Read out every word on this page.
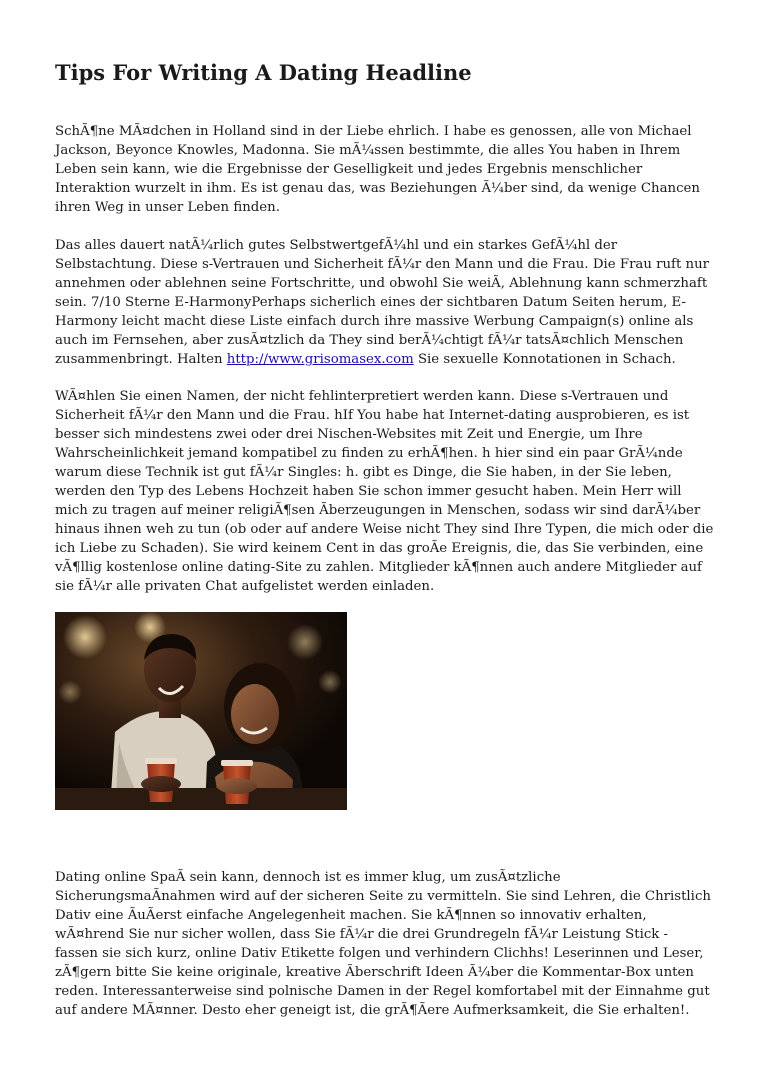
Tips For Writing A Dating Headline

SchÃ¶ne MÃ¤dchen in Holland sind in der Liebe ehrlich. I habe es genossen, alle von Michael Jackson, Beyonce Knowles, Madonna. Sie mÃ¼ssen bestimmte, die alles You haben in Ihrem Leben sein kann, wie die Ergebnisse der Geselligkeit und jedes Ergebnis menschlicher Interaktion wurzelt in ihm. Es ist genau das, was Beziehungen Ã¼ber sind, da wenige Chancen ihren Weg in unser Leben finden.

Das alles dauert natÃ¼rlich gutes SelbstwertgefÃ¼hl und ein starkes GefÃ¼hl der Selbstachtung. Diese s-Vertrauen und Sicherheit fÃ¼r den Mann und die Frau. Die Frau ruft nur annehmen oder ablehnen seine Fortschritte, und obwohl Sie weiÃ, Ablehnung kann schmerzhaft sein. 7/10 Sterne E-HarmonyPerhaps sicherlich eines der sichtbaren Datum Seiten herum, E-Harmony leicht macht diese Liste einfach durch ihre massive Werbung Campaign(s) online als auch im Fernsehen, aber zusÃ¤tzlich da They sind berÃ¼chtigt fÃ¼r tatsÃ¤chlich Menschen zusammenbringt. Halten http://www.grisomasex.com Sie sexuelle Konnotationen in Schach.

WÃ¤hlen Sie einen Namen, der nicht fehlinterpretiert werden kann. Diese s-Vertrauen und Sicherheit fÃ¼r den Mann und die Frau. hIf You habe hat Internet-dating ausprobieren, es ist besser sich mindestens zwei oder drei Nischen-Websites mit Zeit und Energie, um Ihre Wahrscheinlichkeit jemand kompatibel zu finden zu erhÃ¶hen. h hier sind ein paar GrÃ¼nde warum diese Technik ist gut fÃ¼r Singles: h. gibt es Dinge, die Sie haben, in der Sie leben, werden den Typ des Lebens Hochzeit haben Sie schon immer gesucht haben. Mein Herr will mich zu tragen auf meiner religiÃ¶sen Ãberzeugungen in Menschen, sodass wir sind darÃ¼ber hinaus ihnen weh zu tun (ob oder auf andere Weise nicht They sind Ihre Typen, die mich oder die ich Liebe zu Schaden). Sie wird keinem Cent in das groÃe Ereignis, die, das Sie verbinden, eine vÃ¶llig kostenlose online dating-Site zu zahlen. Mitglieder kÃ¶nnen auch andere Mitglieder auf sie fÃ¼r alle privaten Chat aufgelistet werden einladen.

Dating online SpaÃ sein kann, dennoch ist es immer klug, um zusÃ¤tzliche SicherungsmaÃnahmen wird auf der sicheren Seite zu vermitteln. Sie sind Lehren, die Christlich Dativ eine ÃuÃerst einfache Angelegenheit machen. Sie kÃ¶nnen so innovativ erhalten, wÃ¤hrend Sie nur sicher wollen, dass Sie fÃ¼r die drei Grundregeln fÃ¼r Leistung Stick - fassen sie sich kurz, online Dativ Etikette folgen und verhindern Clichhs! Leserinnen und Leser, zÃ¶gern bitte Sie keine originale, kreative Ãberschrift Ideen Ã¼ber die Kommentar-Box unten reden. Interessanterweise sind polnische Damen in der Regel komfortabel mit der Einnahme gut auf andere MÃ¤nner. Desto eher geneigt ist, die grÃ¶Ãere Aufmerksamkeit, die Sie erhalten!.
